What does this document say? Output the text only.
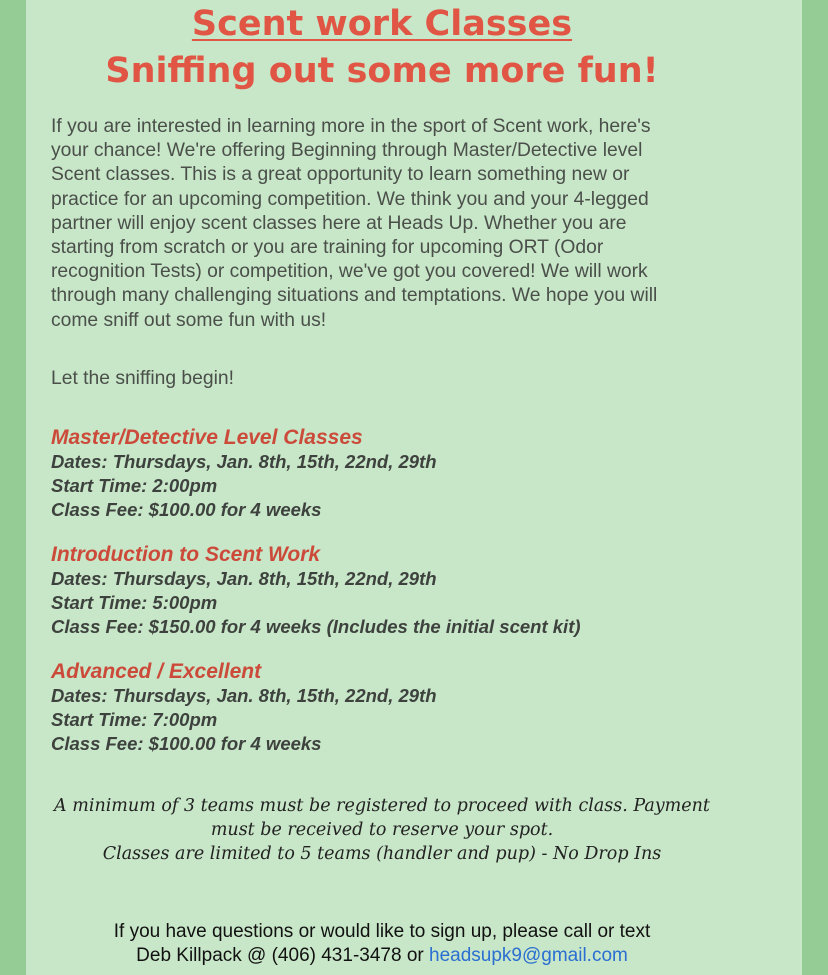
Scent work Classes
Sniffing out some more fun!

If you are interested in learning more in the sport of Scent work, here's
your chance! We're offering Beginning through Master/Detective level
Scent classes. This is a great opportunity to learn something new or
practice for an upcoming competition. We think you and your 4-legged
partner will enjoy scent classes here at Heads Up. Whether you are
starting from scratch or you are training for upcoming ORT (Odor
recognition Tests) or competition, we've got you covered! We will work
through many challenging situations and temptations. We hope you will
come sniff out some fun with us!

Let the sniffing begin!

Master/Detective Level Classes
Dates: Thursdays, Jan. 8th, 15th, 22nd, 29th
Start Time: 2:00pm
Class Fee: $100.00 for 4 weeks
Introduction to Scent Work
Dates: Thursdays, Jan. 8th, 15th, 22nd, 29th
Start Time: 5:00pm
Class Fee: $150.00 for 4 weeks (Includes the initial scent kit)
Advanced / Excellent
Dates: Thursdays, Jan. 8th, 15th, 22nd, 29th
Start Time: 7:00pm
Class Fee: $100.00 for 4 weeks

A minimum of 3 teams must be registered to proceed with class. Payment
must be received to reserve your spot.
Classes are limited to 5 teams (handler and pup) - No Drop Ins

If you have questions or would like to sign up, please call or text
Deb Killpack @ (406) 431-3478 or headsupk9@gmail.com
